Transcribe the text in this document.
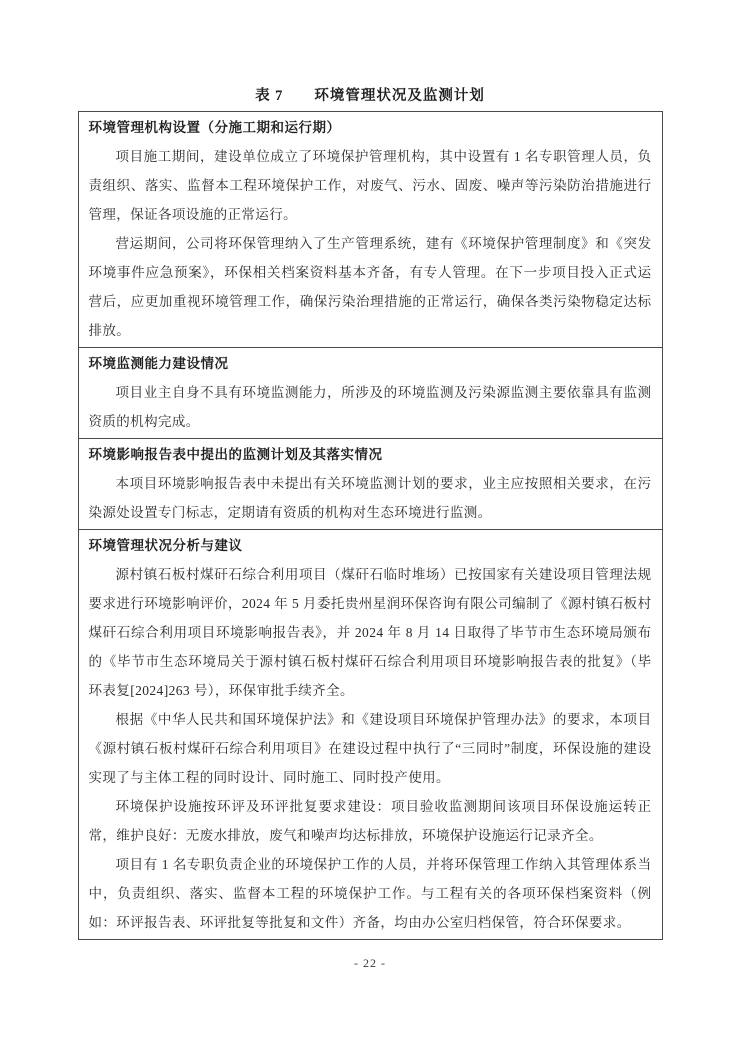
表 7　　环境管理状况及监测计划
环境管理机构设置（分施工期和运行期）

项目施工期间，建设单位成立了环境保护管理机构，其中设置有 1 名专职管理人员，负责组织、落实、监督本工程环境保护工作，对废气、污水、固废、噪声等污染防治措施进行管理，保证各项设施的正常运行。

营运期间，公司将环保管理纳入了生产管理系统，建有《环境保护管理制度》和《突发环境事件应急预案》，环保相关档案资料基本齐备，有专人管理。在下一步项目投入正式运营后，应更加重视环境管理工作，确保污染治理措施的正常运行，确保各类污染物稳定达标排放。

环境监测能力建设情况

项目业主自身不具有环境监测能力，所涉及的环境监测及污染源监测主要依靠具有监测资质的机构完成。

环境影响报告表中提出的监测计划及其落实情况

本项目环境影响报告表中未提出有关环境监测计划的要求，业主应按照相关要求，在污染源处设置专门标志，定期请有资质的机构对生态环境进行监测。

环境管理状况分析与建议

源村镇石板村煤矸石综合利用项目（煤矸石临时堆场）已按国家有关建设项目管理法规要求进行环境影响评价，2024 年 5 月委托贵州星润环保咨询有限公司编制了《源村镇石板村煤矸石综合利用项目环境影响报告表》，并 2024 年 8 月 14 日取得了毕节市生态环境局颁布的《毕节市生态环境局关于源村镇石板村煤矸石综合利用项目环境影响报告表的批复》（毕环表复[2024]263 号），环保审批手续齐全。

根据《中华人民共和国环境保护法》和《建设项目环境保护管理办法》的要求，本项目《源村镇石板村煤矸石综合利用项目》在建设过程中执行了“三同时”制度，环保设施的建设实现了与主体工程的同时设计、同时施工、同时投产使用。

环境保护设施按环评及环评批复要求建设：项目验收监测期间该项目环保设施运转正常，维护良好：无废水排放，废气和噪声均达标排放，环境保护设施运行记录齐全。

项目有 1 名专职负责企业的环境保护工作的人员，并将环保管理工作纳入其管理体系当中，负责组织、落实、监督本工程的环境保护工作。与工程有关的各项环保档案资料（例如：环评报告表、环评批复等批复和文件）齐备，均由办公室归档保管，符合环保要求。

- 22 -
